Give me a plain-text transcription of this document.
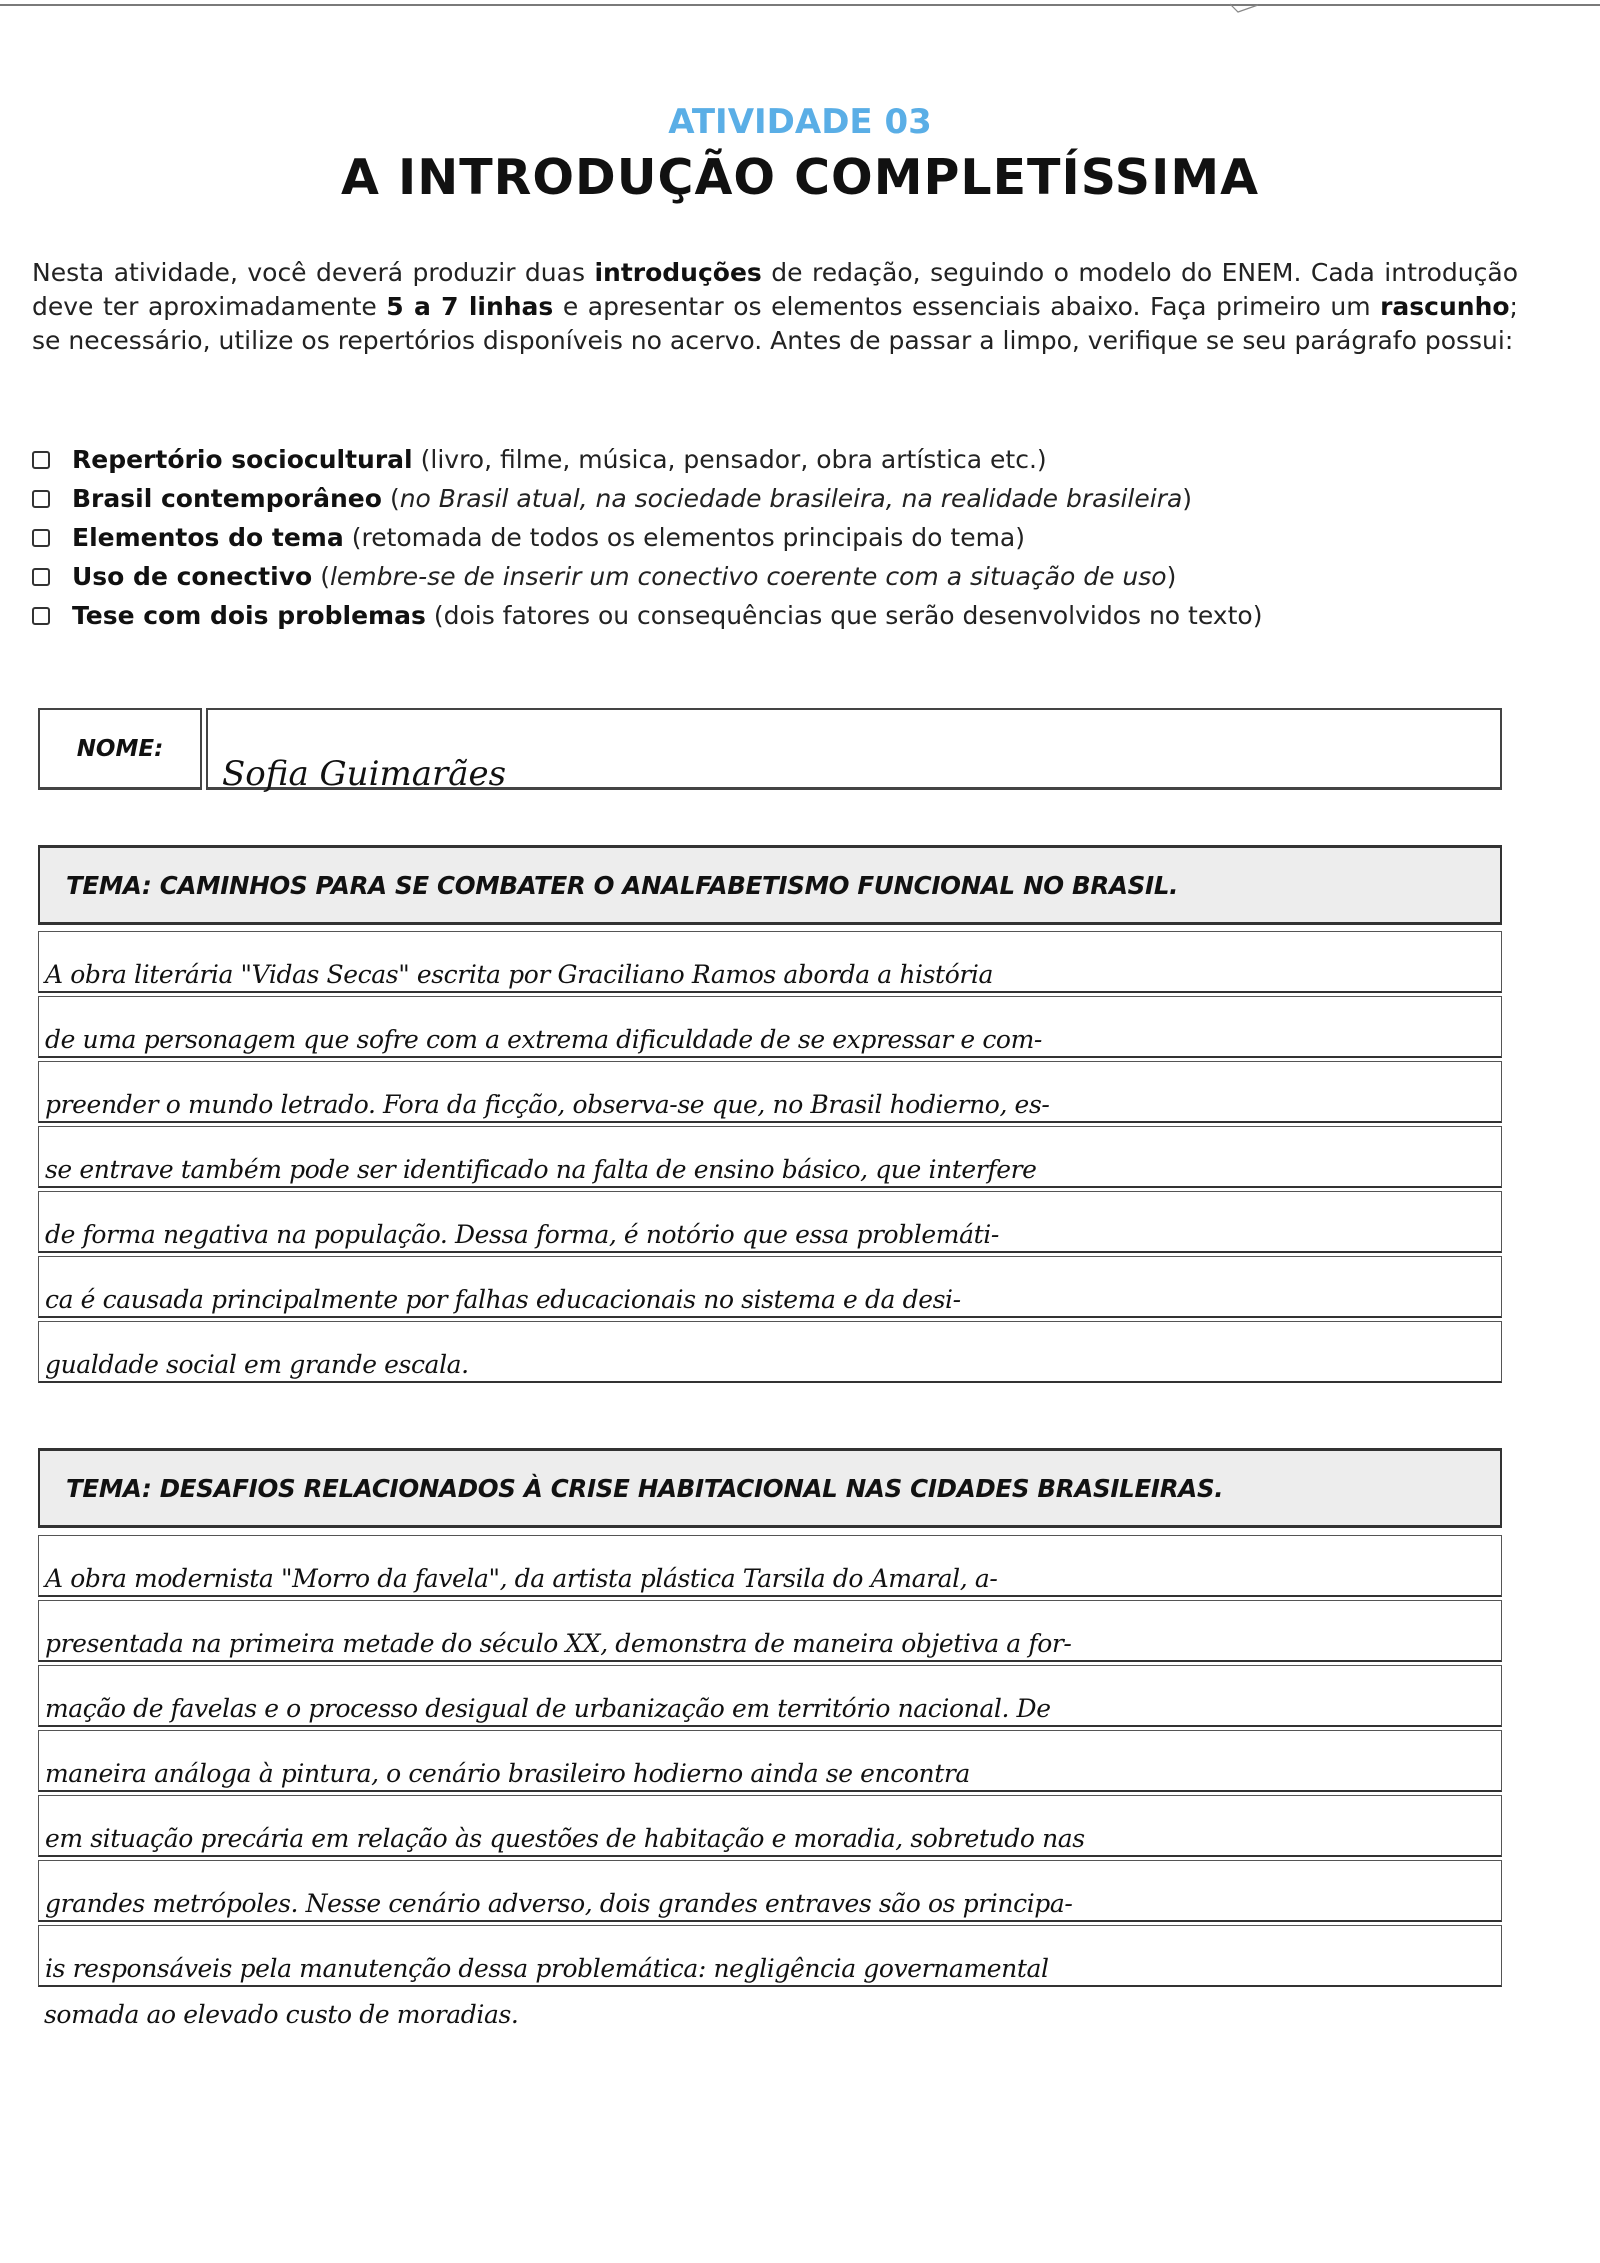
ATIVIDADE 03
A INTRODUÇÃO COMPLETÍSSIMA

Nesta atividade, você deverá produzir duas introduções de redação, seguindo o modelo do ENEM. Cada introdução deve ter aproximadamente 5 a 7 linhas e apresentar os elementos essenciais abaixo. Faça primeiro um rascunho; se necessário, utilize os repertórios disponíveis no acervo. Antes de passar a limpo, verifique se seu parágrafo possui:

Repertório sociocultural (livro, filme, música, pensador, obra artística etc.)
Brasil contemporâneo ( no Brasil atual, na sociedade brasileira, na realidade brasileira )
Elementos do tema (retomada de todos os elementos principais do tema)
Uso de conectivo ( lembre-se de inserir um conectivo coerente com a situação de uso )
Tese com dois problemas (dois fatores ou consequências que serão desenvolvidos no texto)
NOME:
Sofia Guimarães
TEMA: CAMINHOS PARA SE COMBATER O ANALFABETISMO FUNCIONAL NO BRASIL.
A obra literária "Vidas Secas" escrita por Graciliano Ramos aborda a história
de uma personagem que sofre com a extrema dificuldade de se expressar e com-
preender o mundo letrado. Fora da ficção, observa-se que, no Brasil hodierno, es-
se entrave também pode ser identificado na falta de ensino básico, que interfere
de forma negativa na população. Dessa forma, é notório que essa problemáti-
ca é causada principalmente por falhas educacionais no sistema e da desi-
gualdade social em grande escala.
TEMA: DESAFIOS RELACIONADOS À CRISE HABITACIONAL NAS CIDADES BRASILEIRAS.
A obra modernista "Morro da favela", da artista plástica Tarsila do Amaral, a-
presentada na primeira metade do século XX, demonstra de maneira objetiva a for-
mação de favelas e o processo desigual de urbanização em território nacional. De
maneira análoga à pintura, o cenário brasileiro hodierno ainda se encontra
em situação precária em relação às questões de habitação e moradia, sobretudo nas
grandes metrópoles. Nesse cenário adverso, dois grandes entraves são os principa-
is responsáveis pela manutenção dessa problemática: negligência governamental
somada ao elevado custo de moradias.
